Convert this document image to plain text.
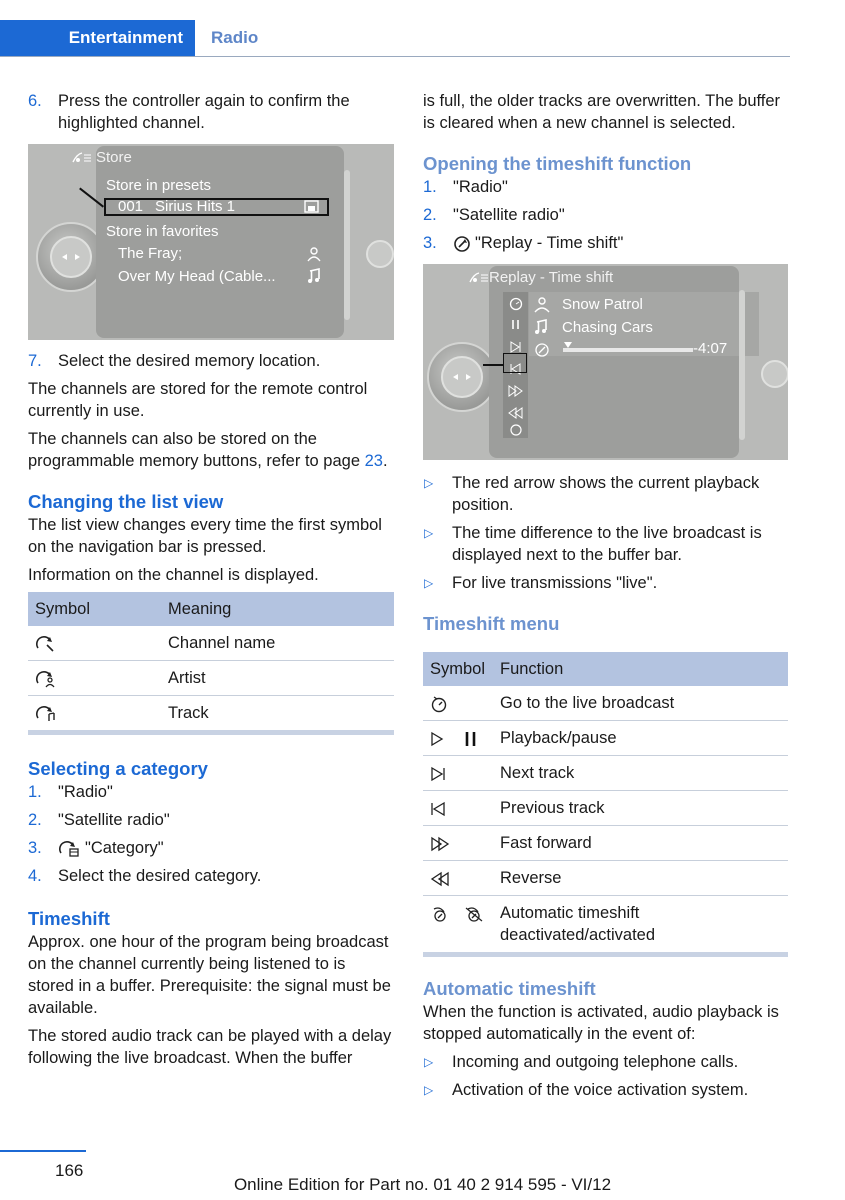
Entertainment	Radio
6. Press the controller again to confirm the highlighted channel.
Store
Store in presets
001 Sirius Hits 1
Store in favorites
The Fray;
Over My Head (Cable...
7. Select the desired memory location.

The channels are stored for the remote control currently in use.

The channels can also be stored on the programmable memory buttons, refer to page 23.

Changing the list view

The list view changes every time the first symbol on the navigation bar is pressed.

Information on the channel is displayed.

Symbol	Meaning
	Channel name
	Artist
	Track
Selecting a category
1. "Radio"
2. "Satellite radio"
3.	"Category"
4. Select the desired category.
Timeshift

Approx. one hour of the program being broadcast on the channel currently being listened to is stored in a buffer. Prerequisite: the signal must be available.

The stored audio track can be played with a delay following the live broadcast. When the buffer

is full, the older tracks are overwritten. The buffer is cleared when a new channel is selected.

Opening the timeshift function
1. "Radio"
2. "Satellite radio"
3. "Replay - Time shift"
Replay - Time shift
Snow Patrol
Chasing Cars
-4:07
▷ The red arrow shows the current playback position.
▷ The time difference to the live broadcast is displayed next to the buffer bar.
▷ For live transmissions "live".
Timeshift menu
Symbol	Function
	Go to the live broadcast
	Playback/pause
	Next track
	Previous track
	Fast forward
	Reverse
	Automatic timeshift deactivated/activated
Automatic timeshift

When the function is activated, audio playback is stopped automatically in the event of:

▷ Incoming and outgoing telephone calls.
▷ Activation of the voice activation system.
166
Online Edition for Part no. 01 40 2 914 595 - VI/12
